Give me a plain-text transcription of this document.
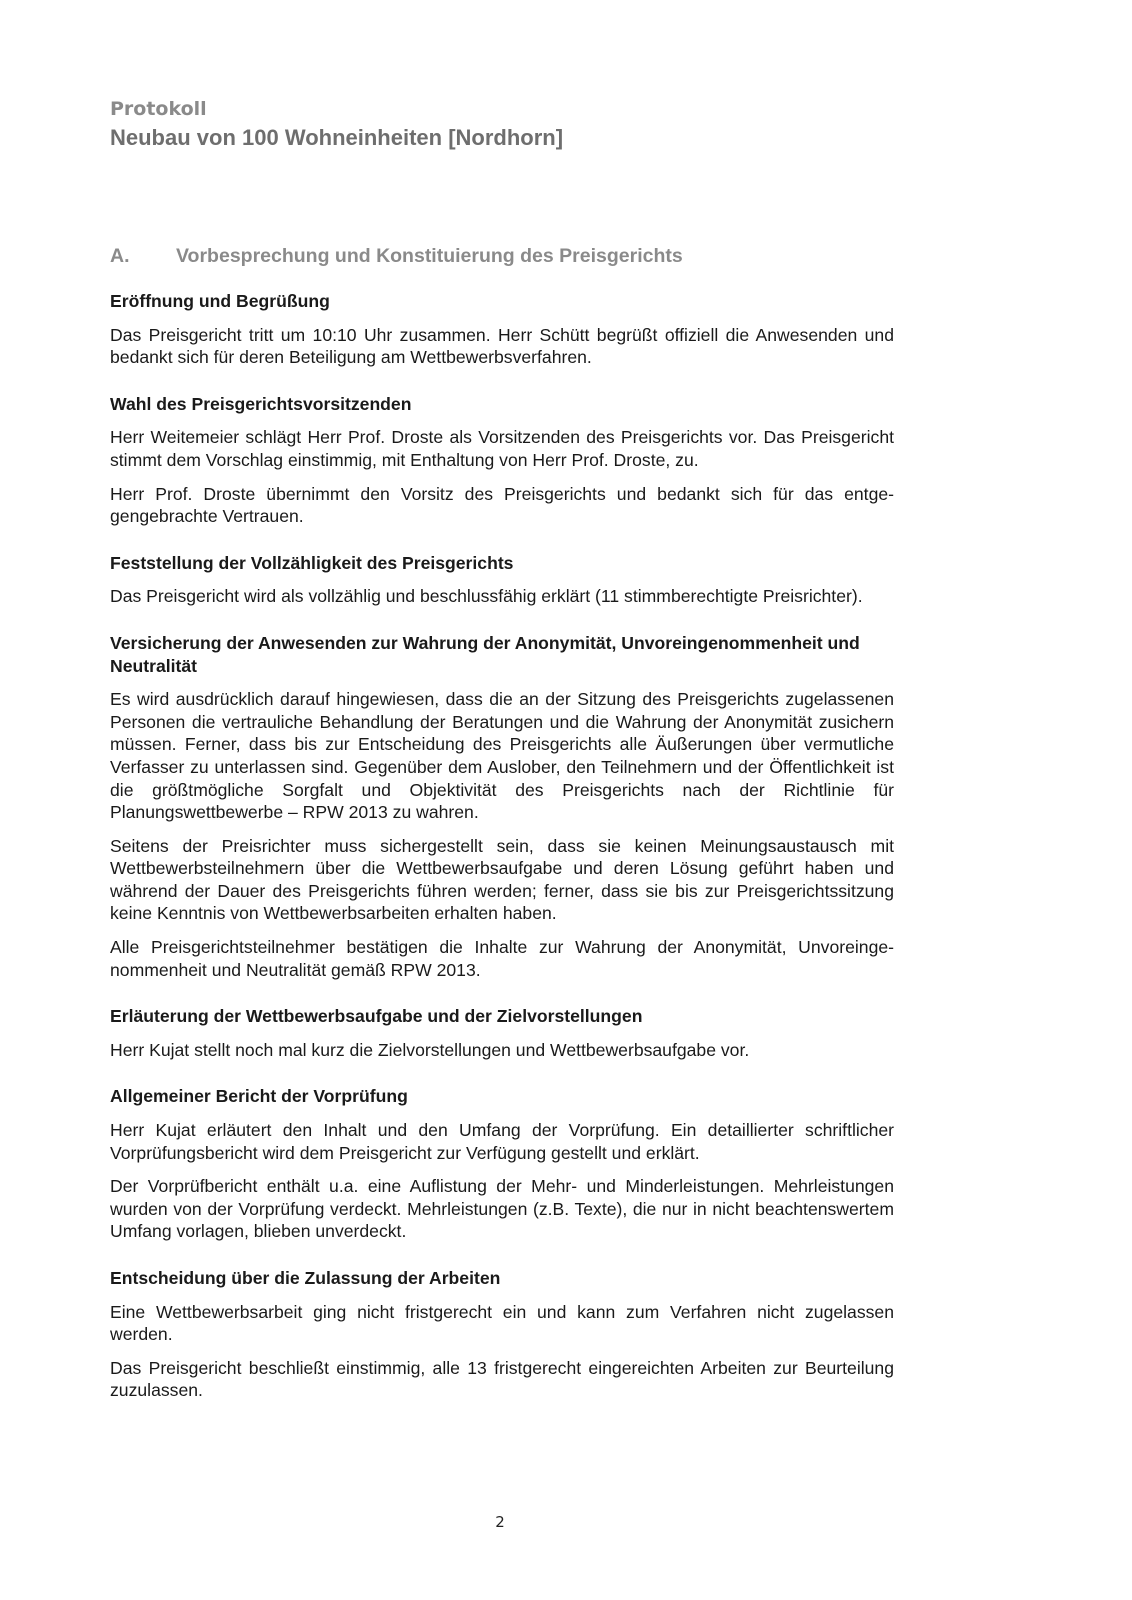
Protokoll
Neubau von 100 Wohneinheiten [Nordhorn]
A. Vorbesprechung und Konstituierung des Preisgerichts
Eröffnung und Begrüßung

Das Preisgericht tritt um 10:10 Uhr zusammen. Herr Schütt begrüßt offiziell die Anwesenden und bedankt sich für deren Beteiligung am Wettbewerbsverfahren.

Wahl des Preisgerichtsvorsitzenden

Herr Weitemeier schlägt Herr Prof. Droste als Vorsitzenden des Preisgerichts vor. Das Preisgericht stimmt dem Vorschlag einstimmig, mit Enthaltung von Herr Prof. Droste, zu.

Herr Prof. Droste übernimmt den Vorsitz des Preisgerichts und bedankt sich für das entgegengebrachte Vertrauen.

Feststellung der Vollzähligkeit des Preisgerichts

Das Preisgericht wird als vollzählig und beschlussfähig erklärt (11 stimmberechtigte Preisrichter).

Versicherung der Anwesenden zur Wahrung der Anonymität, Unvoreingenommenheit und Neutralität

Es wird ausdrücklich darauf hingewiesen, dass die an der Sitzung des Preisgerichts zugelassenen Personen die vertrauliche Behandlung der Beratungen und die Wahrung der Anonymität zusichern müssen. Ferner, dass bis zur Entscheidung des Preisgerichts alle Äußerungen über vermutliche Verfasser zu unterlassen sind. Gegenüber dem Auslober, den Teilnehmern und der Öffentlichkeit ist die größtmögliche Sorgfalt und Objektivität des Preisgerichts nach der Richtlinie für Planungswettbewerbe – RPW 2013 zu wahren.

Seitens der Preisrichter muss sichergestellt sein, dass sie keinen Meinungsaustausch mit Wettbewerbsteilnehmern über die Wettbewerbsaufgabe und deren Lösung geführt haben und während der Dauer des Preisgerichts führen werden; ferner, dass sie bis zur Preisgerichtssitzung keine Kenntnis von Wettbewerbsarbeiten erhalten haben.

Alle Preisgerichtsteilnehmer bestätigen die Inhalte zur Wahrung der Anonymität, Unvoreingenommenheit und Neutralität gemäß RPW 2013.

Erläuterung der Wettbewerbsaufgabe und der Zielvorstellungen

Herr Kujat stellt noch mal kurz die Zielvorstellungen und Wettbewerbsaufgabe vor.

Allgemeiner Bericht der Vorprüfung

Herr Kujat erläutert den Inhalt und den Umfang der Vorprüfung. Ein detaillierter schriftlicher Vorprüfungsbericht wird dem Preisgericht zur Verfügung gestellt und erklärt.

Der Vorprüfbericht enthält u.a. eine Auflistung der Mehr- und Minderleistungen. Mehrleistungen wurden von der Vorprüfung verdeckt. Mehrleistungen (z.B. Texte), die nur in nicht beachtenswertem Umfang vorlagen, blieben unverdeckt.

Entscheidung über die Zulassung der Arbeiten

Eine Wettbewerbsarbeit ging nicht fristgerecht ein und kann zum Verfahren nicht zugelassen werden.

Das Preisgericht beschließt einstimmig, alle 13 fristgerecht eingereichten Arbeiten zur Beurteilung zuzulassen.

2
